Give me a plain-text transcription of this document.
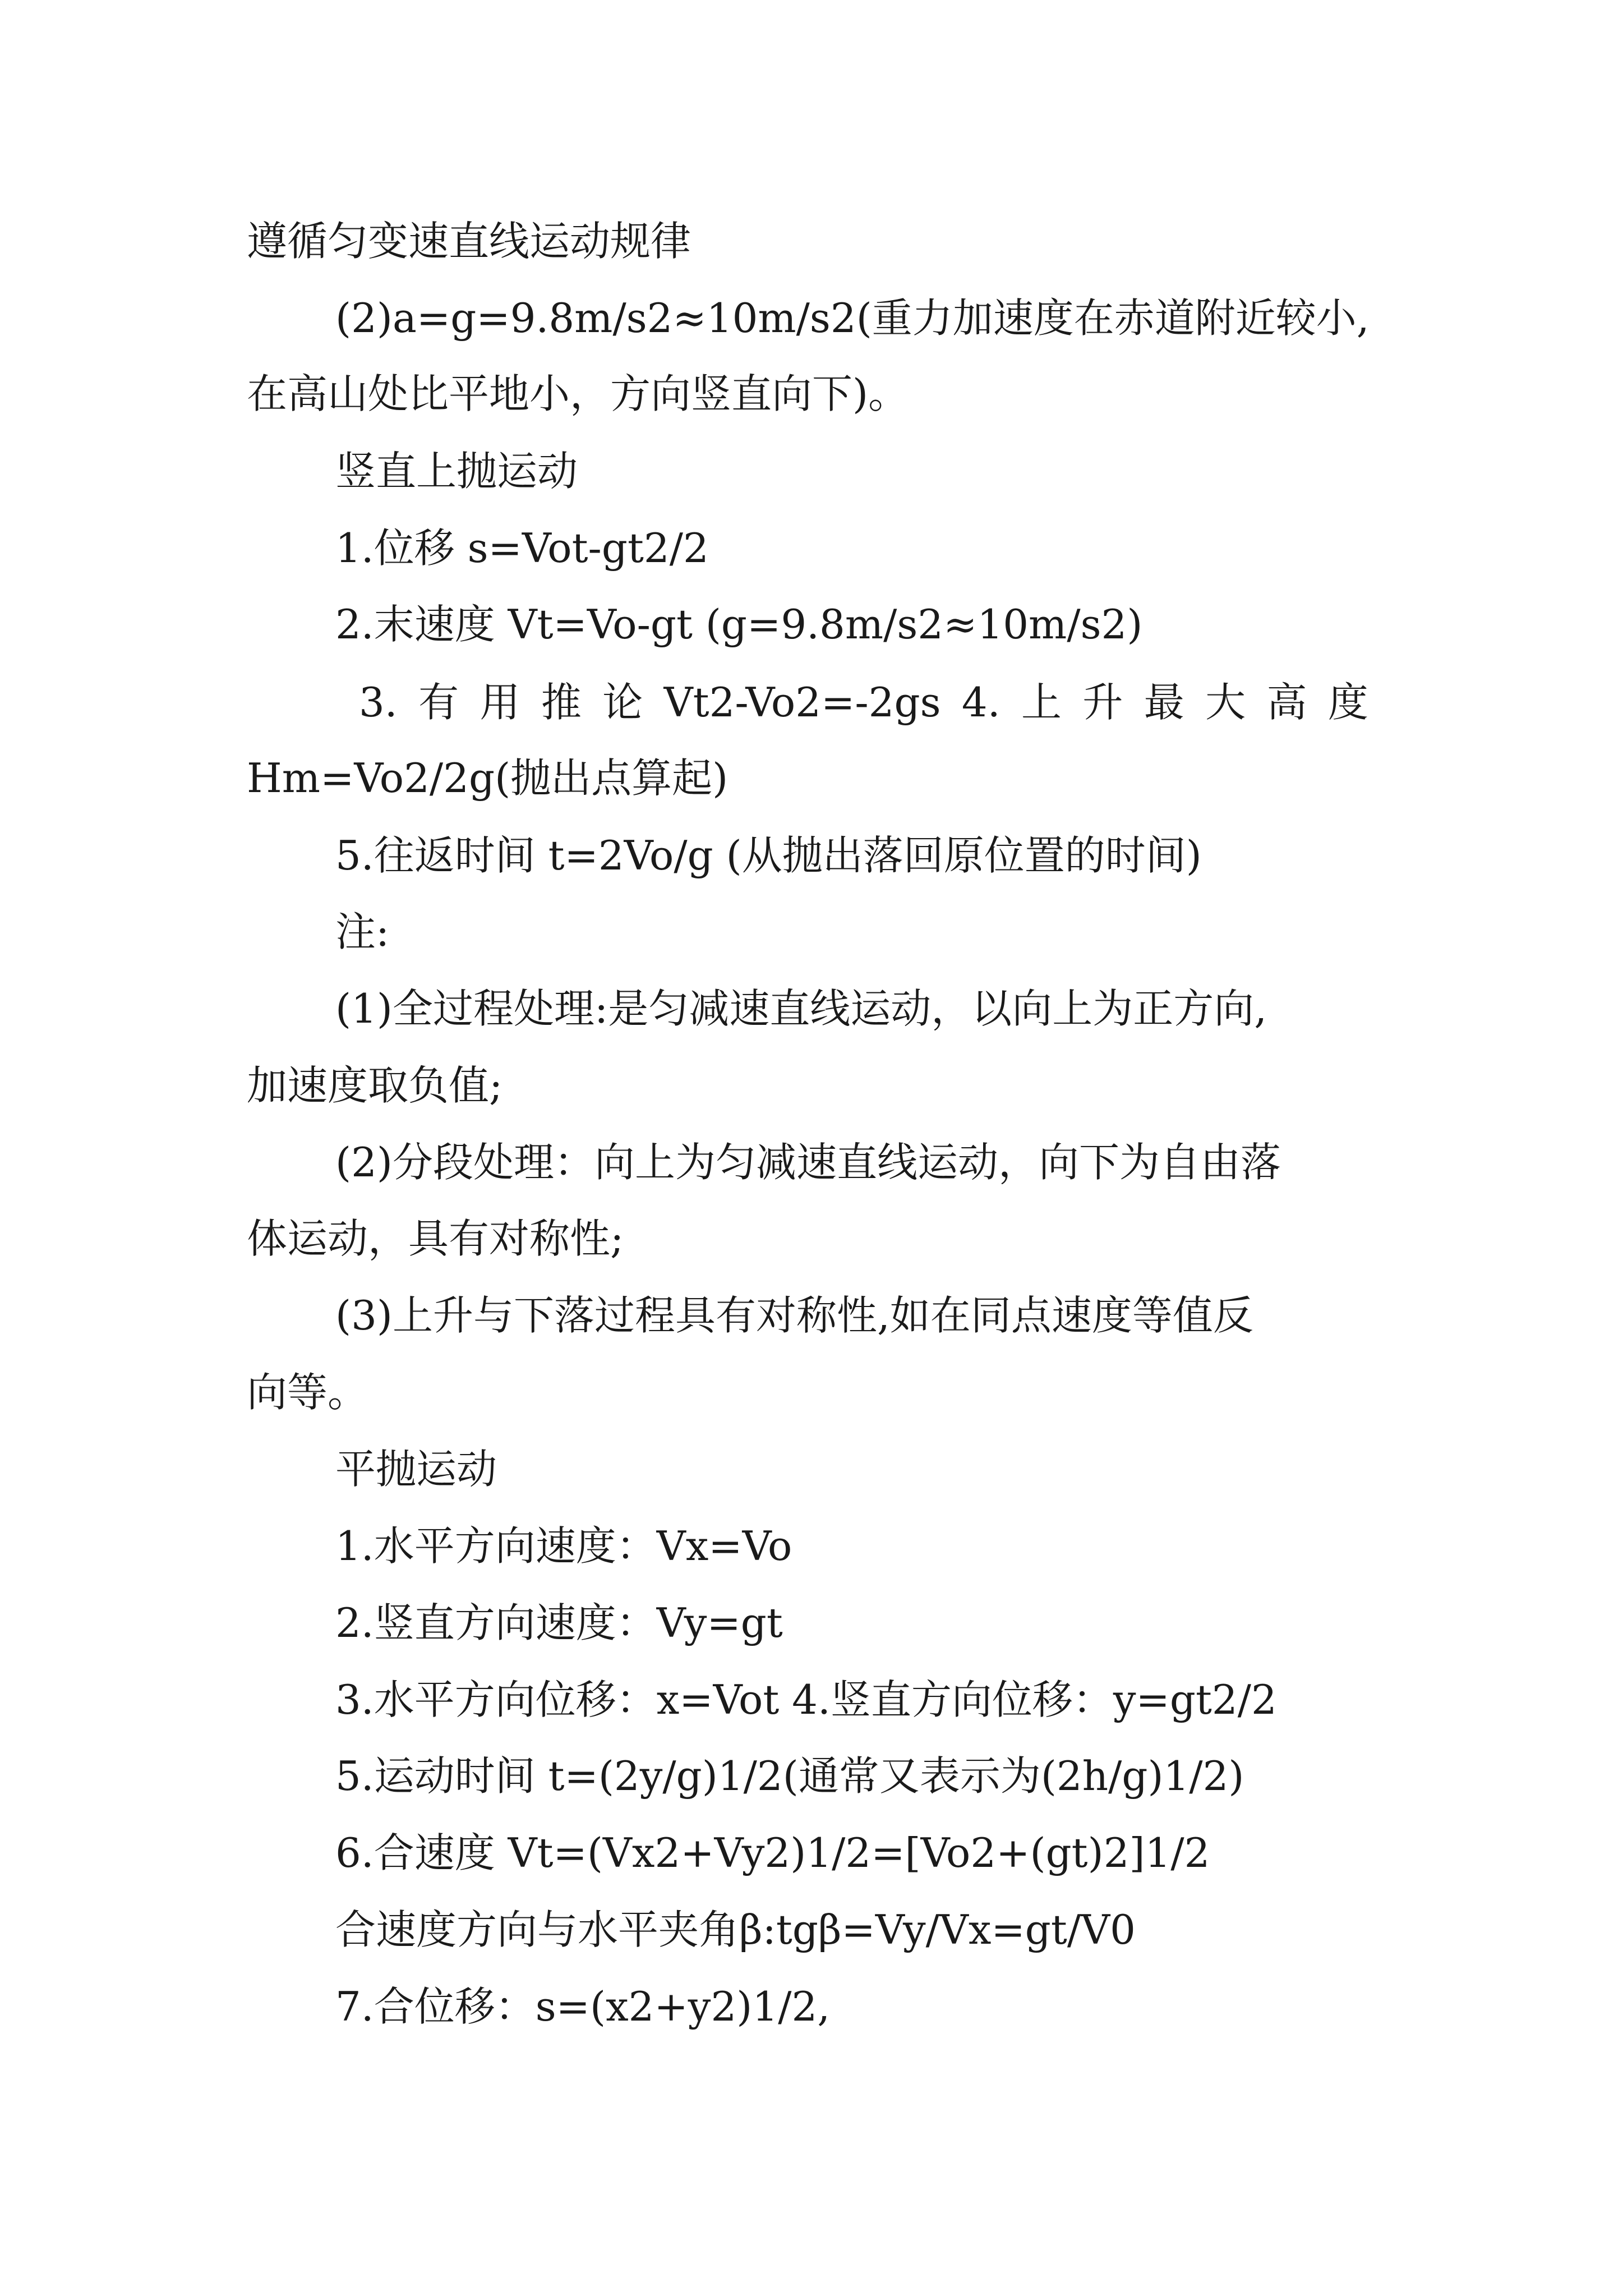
遵循匀变速直线运动规律
(2)a=g=9.8m/s2≈10m/s2(重力加速度在赤道附近较小,
在高山处比平地小，方向竖直向下)。
竖直上抛运动
1.位移 s=Vot-gt2/2
2.末速度 Vt=Vo-gt (g=9.8m/s2≈10m/s2)
3. 有 用 推 论 Vt2-Vo2=-2gs 4. 上 升 最 大 高 度
Hm=Vo2/2g(抛出点算起)
5.往返时间 t=2Vo/g (从抛出落回原位置的时间)
注:
(1)全过程处理:是匀减速直线运动，以向上为正方向,
加速度取负值;
(2)分段处理：向上为匀减速直线运动，向下为自由落
体运动，具有对称性;
(3)上升与下落过程具有对称性,如在同点速度等值反
向等。
平抛运动
1.水平方向速度：Vx=Vo
2.竖直方向速度：Vy=gt
3.水平方向位移：x=Vot 4.竖直方向位移：y=gt2/2
5.运动时间 t=(2y/g)1/2(通常又表示为(2h/g)1/2)
6.合速度 Vt=(Vx2+Vy2)1/2=[Vo2+(gt)2]1/2
合速度方向与水平夹角β:tgβ=Vy/Vx=gt/V0
7.合位移：s=(x2+y2)1/2,
